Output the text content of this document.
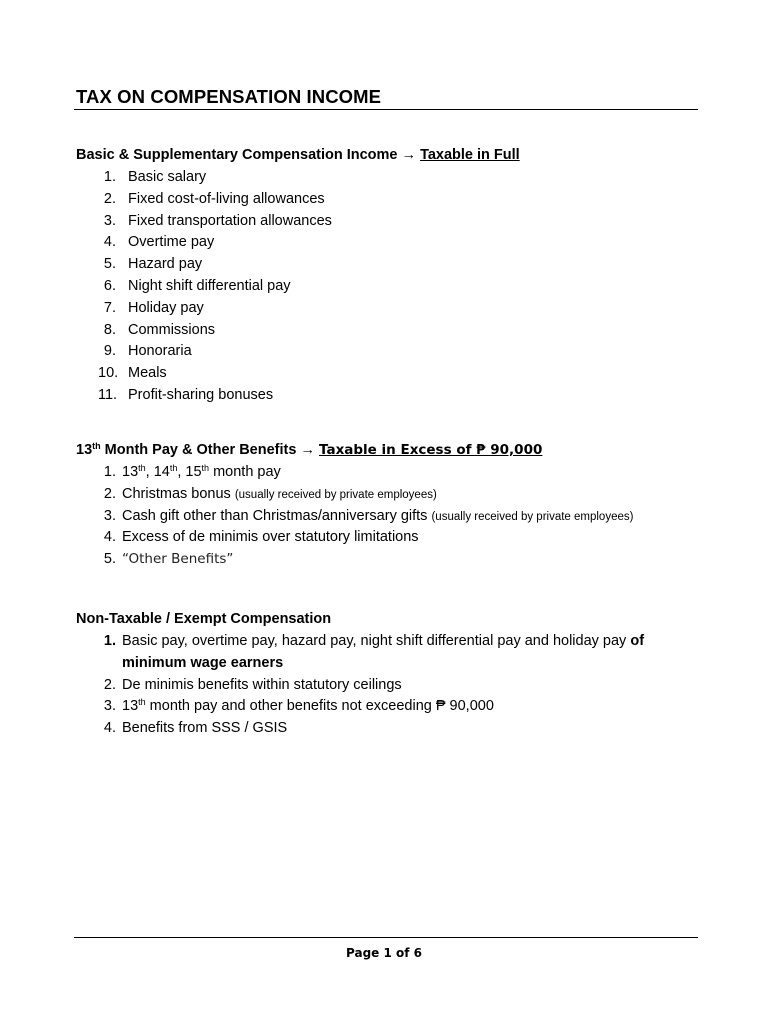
TAX ON COMPENSATION INCOME
Basic & Supplementary Compensation Income → Taxable in Full
1. Basic salary
2. Fixed cost-of-living allowances
3. Fixed transportation allowances
4. Overtime pay
5. Hazard pay
6. Night shift differential pay
7. Holiday pay
8. Commissions
9. Honoraria
10. Meals
11. Profit-sharing bonuses
13th Month Pay & Other Benefits → Taxable in Excess of ₱ 90,000
1. 13th, 14th, 15th month pay
2. Christmas bonus (usually received by private employees)
3. Cash gift other than Christmas/anniversary gifts (usually received by private employees)
4. Excess of de minimis over statutory limitations
5. “Other Benefits”
Non-Taxable / Exempt Compensation
1. Basic pay, overtime pay, hazard pay, night shift differential pay and holiday pay of
minimum wage earners
2. De minimis benefits within statutory ceilings
3. 13th month pay and other benefits not exceeding ₱ 90,000
4. Benefits from SSS / GSIS
Page 1 of 6
